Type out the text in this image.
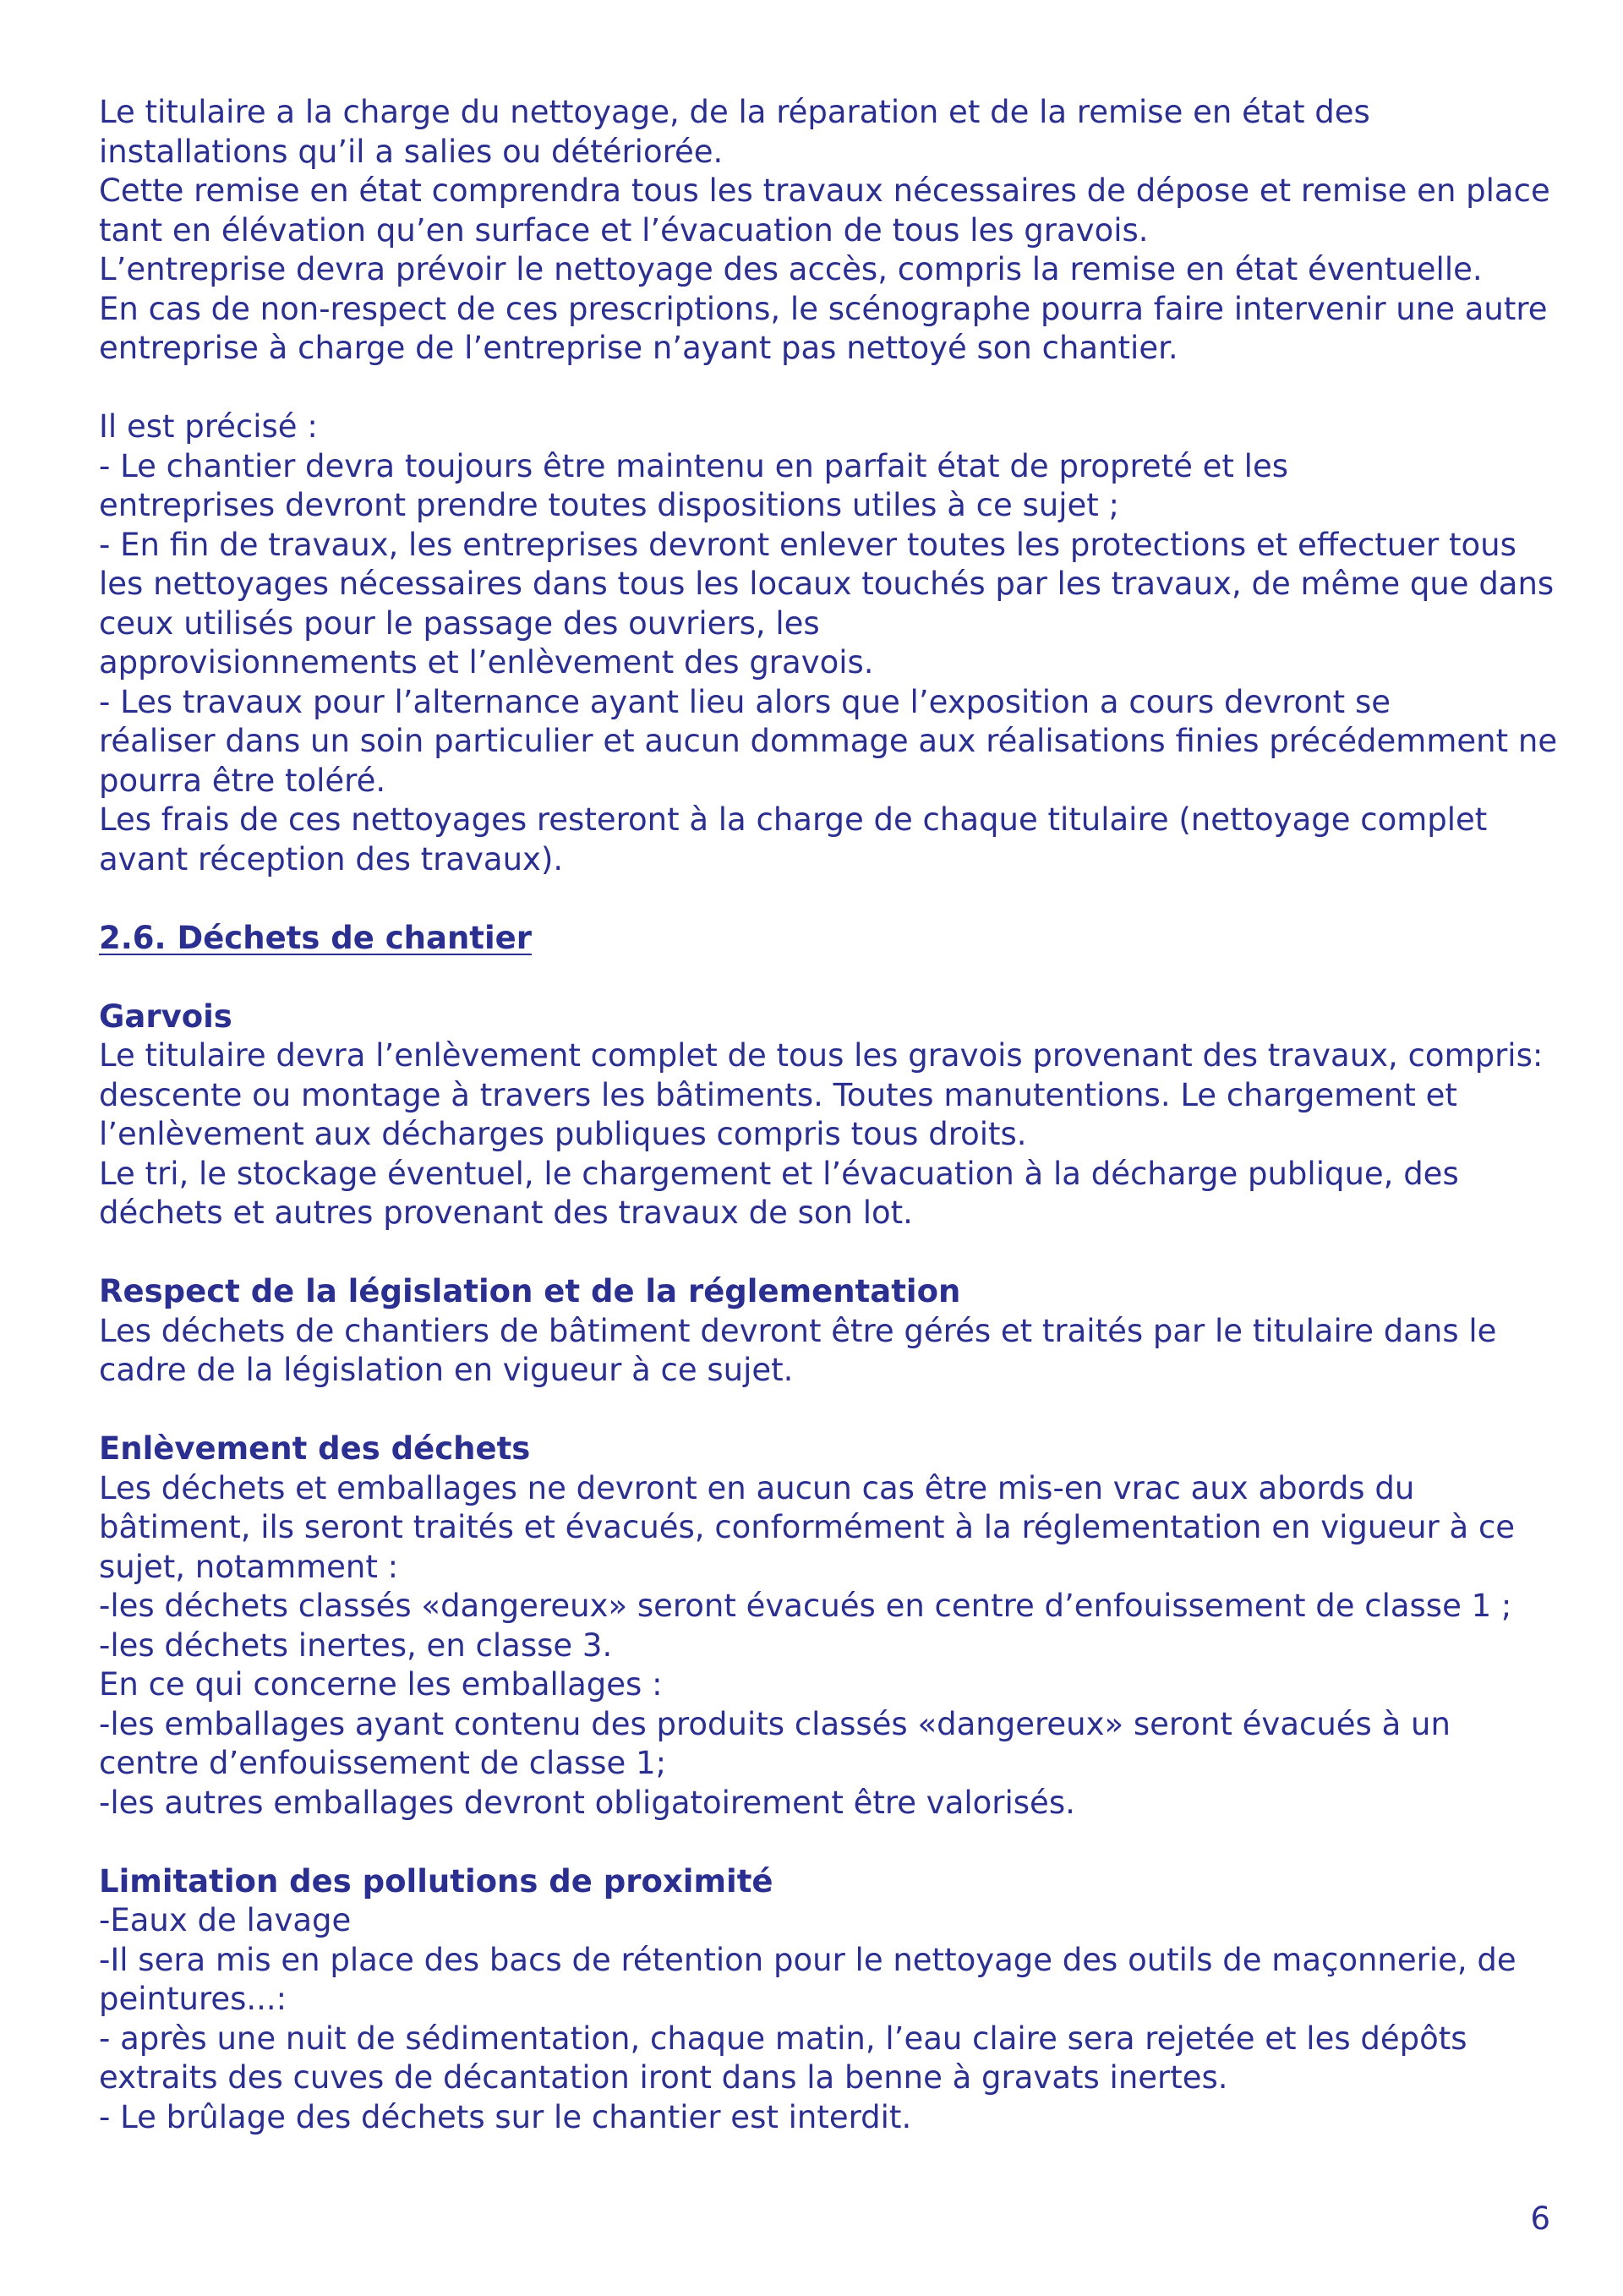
Le titulaire a la charge du nettoyage, de la réparation et de la remise en état des
installations qu’il a salies ou détériorée.
Cette remise en état comprendra tous les travaux nécessaires de dépose et remise en place
tant en élévation qu’en surface et l’évacuation de tous les gravois.
L’entreprise devra prévoir le nettoyage des accès, compris la remise en état éventuelle.
En cas de non-respect de ces prescriptions, le scénographe pourra faire intervenir une autre
entreprise à charge de l’entreprise n’ayant pas nettoyé son chantier.
Il est précisé :
- Le chantier devra toujours être maintenu en parfait état de propreté et les
entreprises devront prendre toutes dispositions utiles à ce sujet ;
- En fin de travaux, les entreprises devront enlever toutes les protections et effectuer tous
les nettoyages nécessaires dans tous les locaux touchés par les travaux, de même que dans
ceux utilisés pour le passage des ouvriers, les
approvisionnements et l’enlèvement des gravois.
- Les travaux pour l’alternance ayant lieu alors que l’exposition a cours devront se
réaliser dans un soin particulier et aucun dommage aux réalisations finies précédemment ne
pourra être toléré.
Les frais de ces nettoyages resteront à la charge de chaque titulaire (nettoyage complet
avant réception des travaux).
2.6. Déchets de chantier
Garvois
Le titulaire devra l’enlèvement complet de tous les gravois provenant des travaux, compris:
descente ou montage à travers les bâtiments. Toutes manutentions. Le chargement et
l’enlèvement aux décharges publiques compris tous droits.
Le tri, le stockage éventuel, le chargement et l’évacuation à la décharge publique, des
déchets et autres provenant des travaux de son lot.
Respect de la législation et de la réglementation
Les déchets de chantiers de bâtiment devront être gérés et traités par le titulaire dans le
cadre de la législation en vigueur à ce sujet.
Enlèvement des déchets
Les déchets et emballages ne devront en aucun cas être mis-en vrac aux abords du
bâtiment, ils seront traités et évacués, conformément à la réglementation en vigueur à ce
sujet, notamment :
-les déchets classés «dangereux» seront évacués en centre d’enfouissement de classe 1 ;
-les déchets inertes, en classe 3.
En ce qui concerne les emballages :
-les emballages ayant contenu des produits classés «dangereux» seront évacués à un
centre d’enfouissement de classe 1;
-les autres emballages devront obligatoirement être valorisés.
Limitation des pollutions de proximité
-Eaux de lavage
-Il sera mis en place des bacs de rétention pour le nettoyage des outils de maçonnerie, de
peintures...:
- après une nuit de sédimentation, chaque matin, l’eau claire sera rejetée et les dépôts
extraits des cuves de décantation iront dans la benne à gravats inertes.
- Le brûlage des déchets sur le chantier est interdit.
6
